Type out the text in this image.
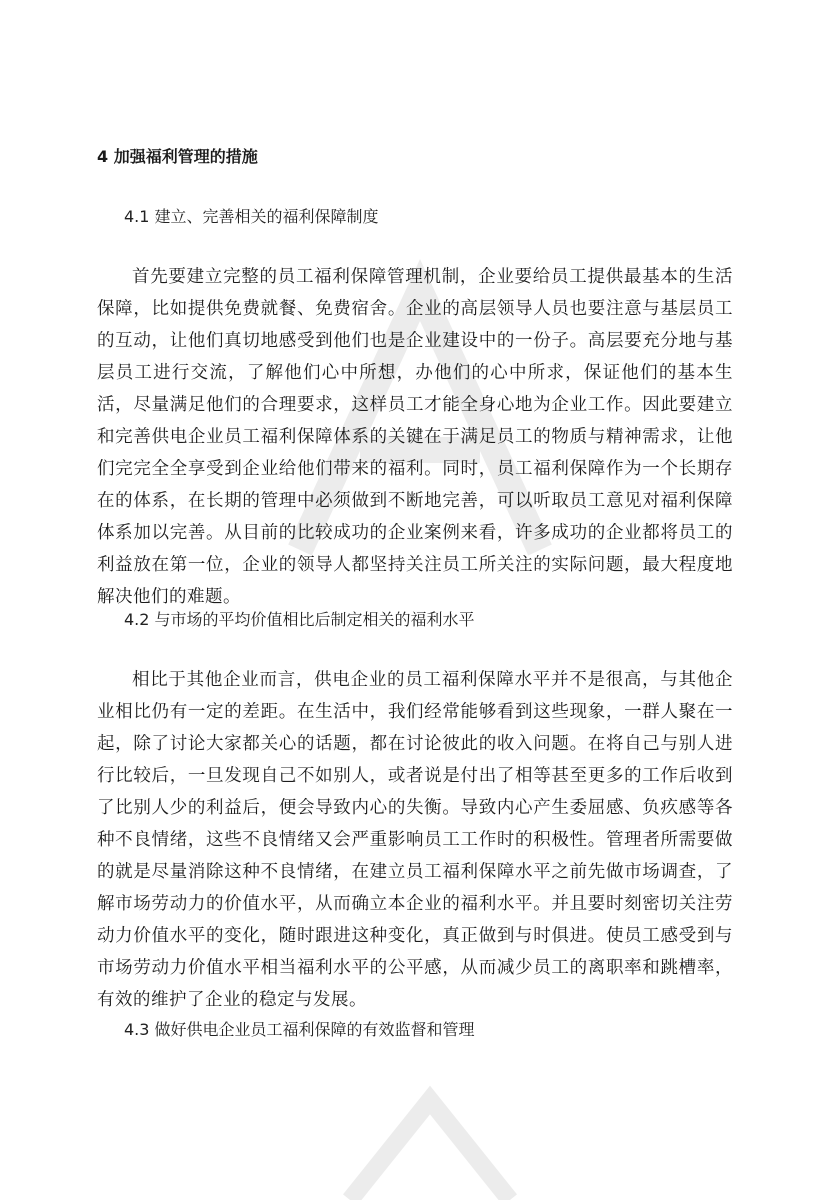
4 加强福利管理的措施
4.1 建立、完善相关的福利保障制度

首先要建立完整的员工福利保障管理机制，企业要给员工提供最基本的生活保障，比如提供免费就餐、免费宿舍。企业的高层领导人员也要注意与基层员工的互动，让他们真切地感受到他们也是企业建设中的一份子。高层要充分地与基层员工进行交流，了解他们心中所想，办他们的心中所求，保证他们的基本生活，尽量满足他们的合理要求，这样员工才能全身心地为企业工作。因此要建立和完善供电企业员工福利保障体系的关键在于满足员工的物质与精神需求，让他们完完全全享受到企业给他们带来的福利。同时，员工福利保障作为一个长期存在的体系，在长期的管理中必须做到不断地完善，可以听取员工意见对福利保障体系加以完善。从目前的比较成功的企业案例来看，许多成功的企业都将员工的利益放在第一位，企业的领导人都坚持关注员工所关注的实际问题，最大程度地解决他们的难题。

4.2 与市场的平均价值相比后制定相关的福利水平

相比于其他企业而言，供电企业的员工福利保障水平并不是很高，与其他企业相比仍有一定的差距。在生活中，我们经常能够看到这些现象，一群人聚在一起，除了讨论大家都关心的话题，都在讨论彼此的收入问题。在将自己与别人进行比较后，一旦发现自己不如别人，或者说是付出了相等甚至更多的工作后收到了比别人少的利益后，便会导致内心的失衡。导致内心产生委屈感、负疚感等各种不良情绪，这些不良情绪又会严重影响员工工作时的积极性。管理者所需要做的就是尽量消除这种不良情绪，在建立员工福利保障水平之前先做市场调查，了解市场劳动力的价值水平，从而确立本企业的福利水平。并且要时刻密切关注劳动力价值水平的变化，随时跟进这种变化，真正做到与时俱进。使员工感受到与市场劳动力价值水平相当福利水平的公平感，从而减少员工的离职率和跳槽率，有效的维护了企业的稳定与发展。

4.3 做好供电企业员工福利保障的有效监督和管理
